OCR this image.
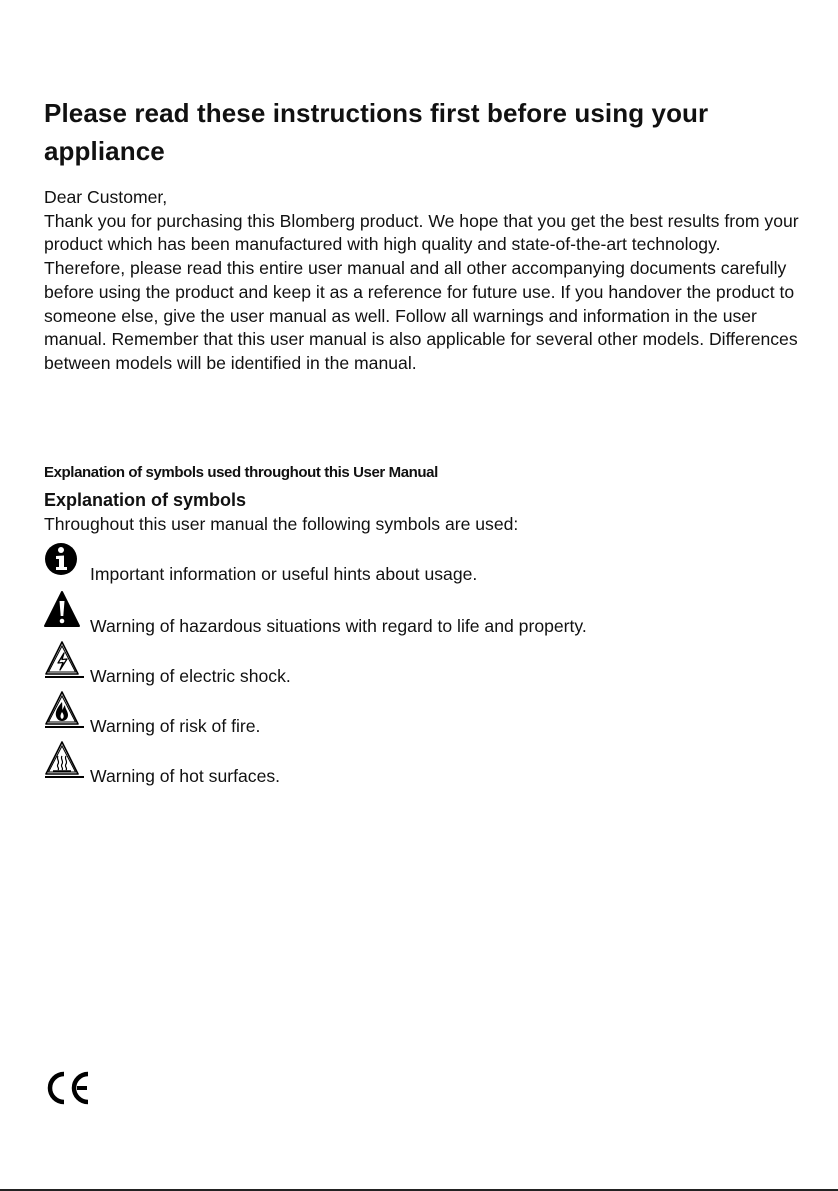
Please read these instructions first before using your appliance

Dear Customer,

Thank you for purchasing this Blomberg product. We hope that you get the best results from your product which has been manufactured with high quality and state-of-the-art technology. Therefore, please read this entire user manual and all other accompanying documents carefully before using the product and keep it as a reference for future use. If you handover the product to someone else, give the user manual as well. Follow all warnings and information in the user manual. Remember that this user manual is also applicable for several other models. Differences between models will be identified in the manual.

Explanation of symbols used throughout this User Manual
Explanation of symbols
Throughout this user manual the following symbols are used:
Important information or useful hints about usage.
Warning of hazardous situations with regard to life and property.
Warning of electric shock.
Warning of risk of fire.
Warning of hot surfaces.
